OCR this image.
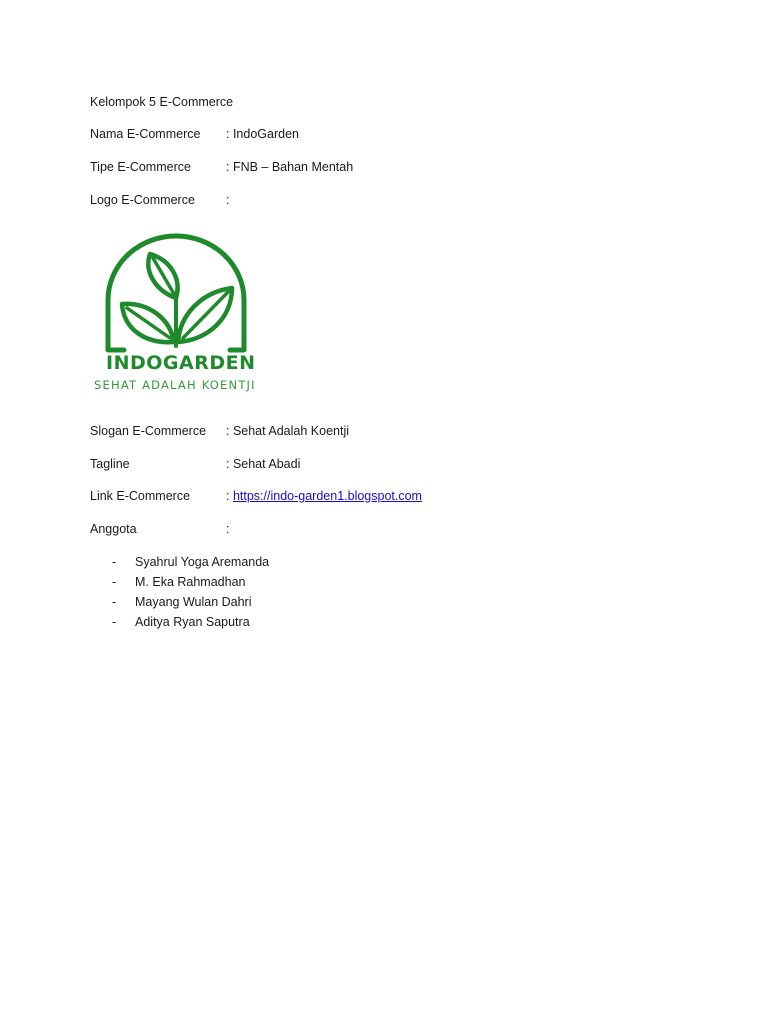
Kelompok 5 E-Commerce
Nama E-Commerce	: IndoGarden
Tipe E-Commerce	: FNB – Bahan Mentah
Logo E-Commerce	:
INDOGARDEN
SEHAT ADALAH KOENTJI
Slogan E-Commerce	: Sehat Adalah Koentji
Tagline	: Sehat Abadi
Link E-Commerce	: https://indo-garden1.blogspot.com
Anggota	:
-	Syahrul Yoga Aremanda
-	M. Eka Rahmadhan
-	Mayang Wulan Dahri
-	Aditya Ryan Saputra
